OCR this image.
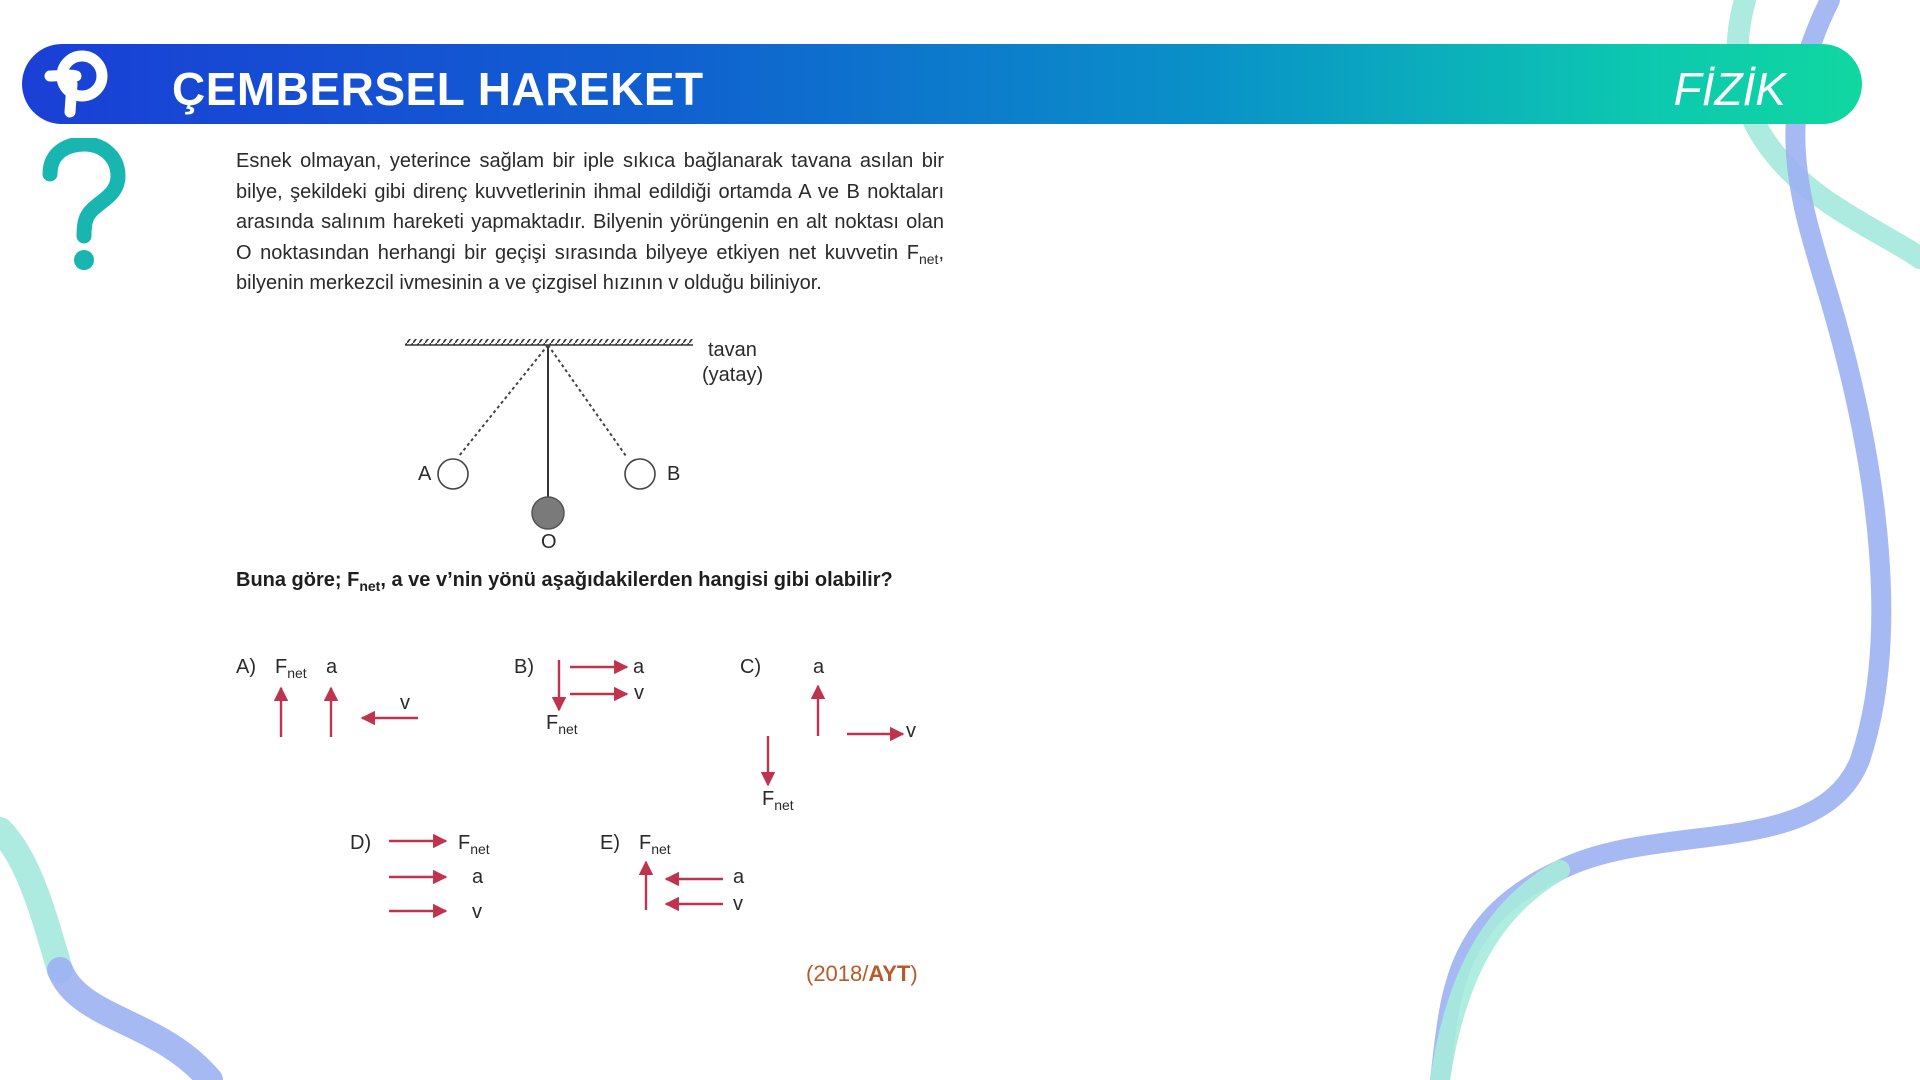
ÇEMBERSEL HAREKET	FİZİK
Esnek olmayan, yeterince sağlam bir iple sıkıca bağlanarak tavana asılan bir bilye, şekildeki gibi direnç kuvvetlerinin ihmal edildiği ortamda A ve B noktaları arasında salınım hareketi yapmaktadır. Bilyenin yörüngenin en alt noktası olan O noktasından herhangi bir geçişi sırasında bilyeye etkiyen net kuvvetin $F_{net}$, bilyenin merkezcil ivmesinin a ve çizgisel hızının v olduğu biliniyor.
tavan
(yatay)
A	B
O
Buna göre; $F_{net}$, a ve v’nin yönü aşağıdakilerden hangisi gibi olabilir?
A) $F_{net}$ a
v
B)
$F_{net}$
a
v
C)
$F_{net}$
a
v
D)	$F_{net}$
a
v
E) $F_{net}$
a
v
(2018/AYT)
